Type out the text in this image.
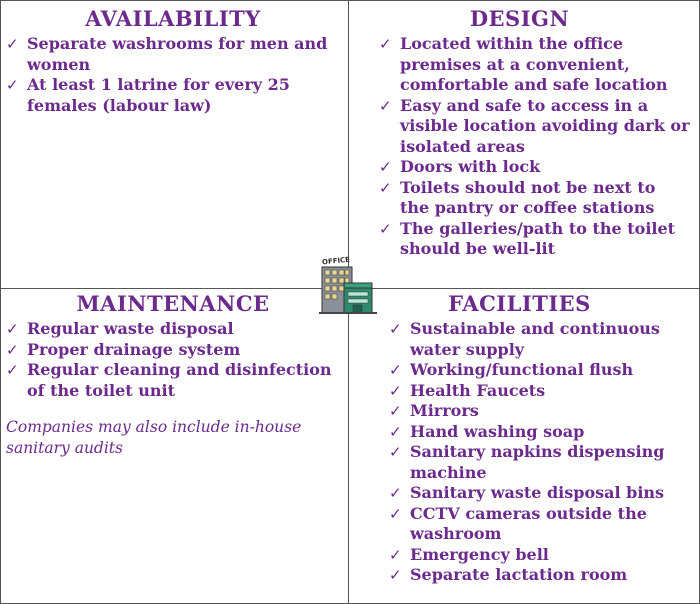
AVAILABILITY
✓ Separate washrooms for men and women
✓ At least 1 latrine for every 25 females (labour law)
DESIGN
✓ Located within the office premises at a convenient, comfortable and safe location
✓ Easy and safe to access in a visible location avoiding dark or isolated areas
✓ Doors with lock
✓ Toilets should not be next to the pantry or coffee stations
✓ The galleries/path to the toilet should be well-lit
MAINTENANCE
✓ Regular waste disposal
✓ Proper drainage system
✓ Regular cleaning and disinfection of the toilet unit
Companies may also include in-house sanitary audits
FACILITIES
✓ Sustainable and continuous water supply
✓ Working/functional flush
✓ Health Faucets
✓ Mirrors
✓ Hand washing soap
✓ Sanitary napkins dispensing machine
✓ Sanitary waste disposal bins
✓ CCTV cameras outside the washroom
✓ Emergency bell
✓ Separate lactation room
OFFICE
